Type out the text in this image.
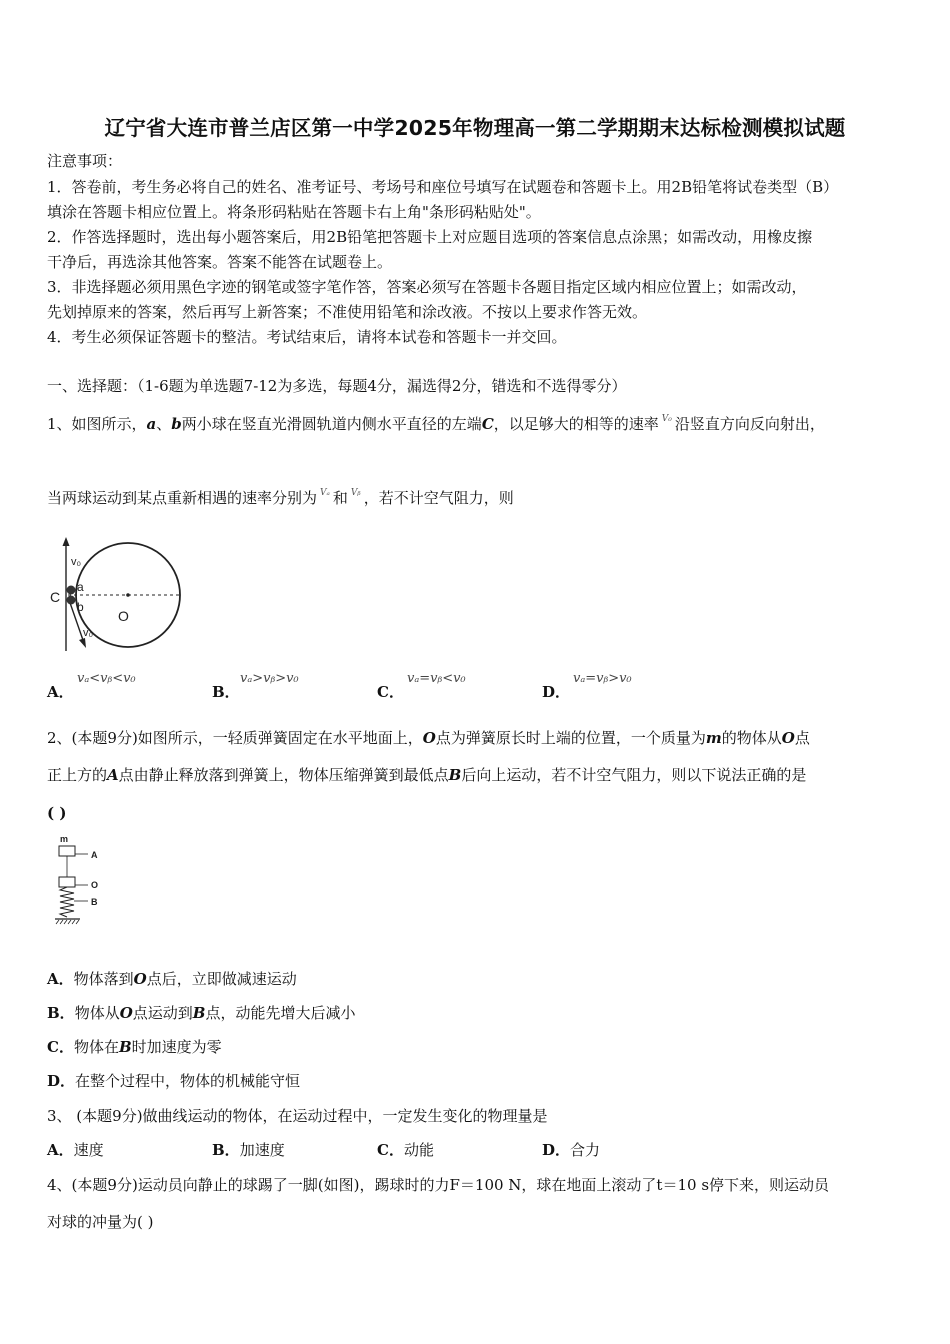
辽宁省大连市普兰店区第一中学2025年物理高一第二学期期末达标检测模拟试题
注意事项：
1．答卷前，考生务必将自己的姓名、准考证号、考场号和座位号填写在试题卷和答题卡上。用2B铅笔将试卷类型（B）
填涂在答题卡相应位置上。将条形码粘贴在答题卡右上角"条形码粘贴处"。
2．作答选择题时，选出每小题答案后，用2B铅笔把答题卡上对应题目选项的答案信息点涂黑；如需改动，用橡皮擦
干净后，再选涂其他答案。答案不能答在试题卷上。
3．非选择题必须用黑色字迹的钢笔或签字笔作答，答案必须写在答题卡各题目指定区域内相应位置上；如需改动，
先划掉原来的答案，然后再写上新答案；不准使用铅笔和涂改液。不按以上要求作答无效。
4．考生必须保证答题卡的整洁。考试结束后，请将本试卷和答题卡一并交回。
一、选择题：（1-6题为单选题7-12为多选，每题4分，漏选得2分，错选和不选得零分）
1、如图所示，a、b两小球在竖直光滑圆轨道内侧水平直径的左端C，以足够大的相等的速率 $^{V_0}$ 沿竖直方向反向射出，
当两球运动到某点重新相遇的速率分别为 $^{V_a}$ 和 $^{Vᵦ}$ ，若不计空气阻力，则
v₀
C
a
b
O
v₀
A．
vₐ<vᵦ<v₀
B．
vₐ>vᵦ>v₀
C．
vₐ=vᵦ<v₀
D．
vₐ=vᵦ>v₀
2、(本题9分)如图所示，一轻质弹簧固定在水平地面上，O点为弹簧原长时上端的位置，一个质量为m的物体从O点
正上方的A点由静止释放落到弹簧上，物体压缩弹簧到最低点B后向上运动，若不计空气阻力，则以下说法正确的是
( )
m
A
O
B
A．物体落到O点后，立即做减速运动
B．物体从O点运动到B点，动能先增大后减小
C．物体在B时加速度为零
D．在整个过程中，物体的机械能守恒
3、 (本题9分)做曲线运动的物体，在运动过程中，一定发生变化的物理量是
A．速度	B．加速度	C．动能	D．合力
4、(本题9分)运动员向静止的球踢了一脚(如图)，踢球时的力F＝100 N，球在地面上滚动了t＝10 s停下来，则运动员
对球的冲量为( )
